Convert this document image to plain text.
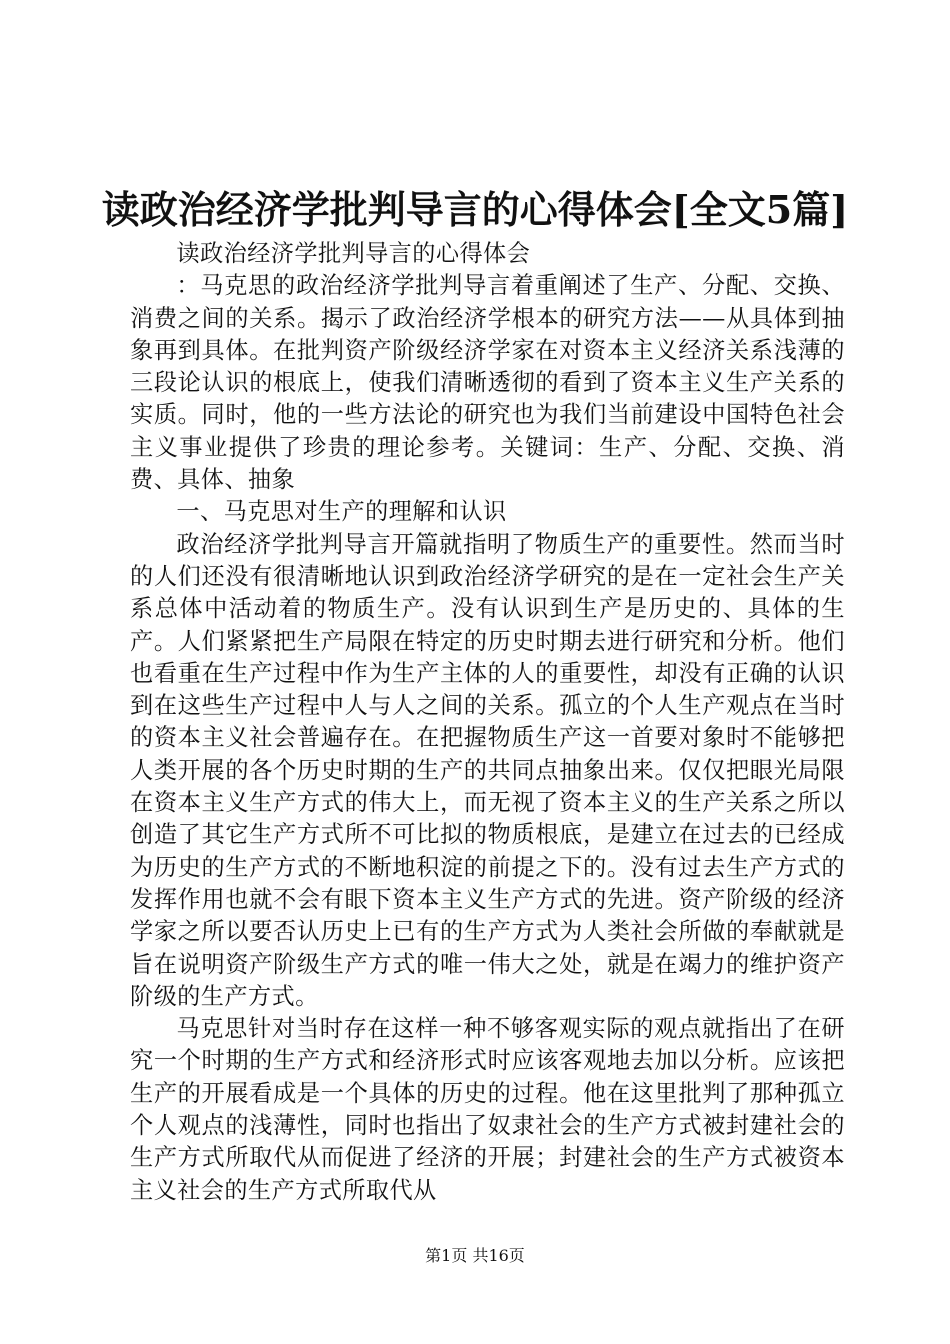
读政治经济学批判导言的心得体会[全文5篇]

读政治经济学批判导言的心得体会

：马克思的政治经济学批判导言着重阐述了生产、分配、交换、消费之间的关系。揭示了政治经济学根本的研究方法——从具体到抽象再到具体。在批判资产阶级经济学家在对资本主义经济关系浅薄的三段论认识的根底上，使我们清晰透彻的看到了资本主义生产关系的实质。同时，他的一些方法论的研究也为我们当前建设中国特色社会主义事业提供了珍贵的理论参考。关键词：生产、分配、交换、消费、具体、抽象

一、马克思对生产的理解和认识

政治经济学批判导言开篇就指明了物质生产的重要性。然而当时的人们还没有很清晰地认识到政治经济学研究的是在一定社会生产关系总体中活动着的物质生产。没有认识到生产是历史的、具体的生产。人们紧紧把生产局限在特定的历史时期去进行研究和分析。他们也看重在生产过程中作为生产主体的人的重要性，却没有正确的认识到在这些生产过程中人与人之间的关系。孤立的个人生产观点在当时的资本主义社会普遍存在。在把握物质生产这一首要对象时不能够把人类开展的各个历史时期的生产的共同点抽象出来。仅仅把眼光局限在资本主义生产方式的伟大上，而无视了资本主义的生产关系之所以创造了其它生产方式所不可比拟的物质根底，是建立在过去的已经成为历史的生产方式的不断地积淀的前提之下的。没有过去生产方式的发挥作用也就不会有眼下资本主义生产方式的先进。资产阶级的经济学家之所以要否认历史上已有的生产方式为人类社会所做的奉献就是旨在说明资产阶级生产方式的唯一伟大之处，就是在竭力的维护资产阶级的生产方式。

马克思针对当时存在这样一种不够客观实际的观点就指出了在研究一个时期的生产方式和经济形式时应该客观地去加以分析。应该把生产的开展看成是一个具体的历史的过程。他在这里批判了那种孤立个人观点的浅薄性，同时也指出了奴隶社会的生产方式被封建社会的生产方式所取代从而促进了经济的开展；封建社会的生产方式被资本主义社会的生产方式所取代从

第1页 共16页
